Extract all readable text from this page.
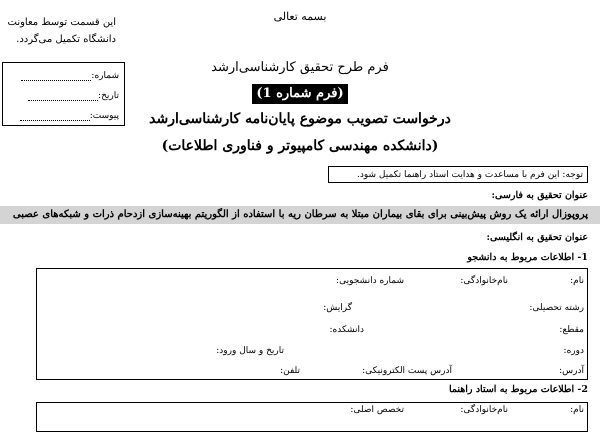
بسمه تعالی
فرم طرح تحقیق کارشناسی‌ارشد
(فرم شماره 1)
درخواست تصویب موضوع پایان‌نامه کارشناسی‌ارشد
(دانشکده مهندسی کامپیوتر و فناوری اطلاعات)
این قسمت توسط معاونت
دانشگاه تکمیل می‌گردد.
شماره:
تاریخ:
پیوست:
توجه: این فرم با مساعدت و هدایت استاد راهنما تکمیل شود.
عنوان تحقیق به فارسی:
پروپوزال ارائه یک روش پیش‌بینی برای بقای بیماران مبتلا به سرطان ریه با استفاده از الگوریتم بهینه‌سازی ازدحام ذرات و شبکه‌های عصبی
عنوان تحقیق به انگلیسی:
1- اطلاعات مربوط به دانشجو
نام:
نام‌خانوادگی:
شماره دانشجویی:
رشته تحصیلی:
گرایش:
مقطع:
دانشکده:
دوره:
تاریخ و سال ورود:
آدرس:
آدرس پست الکترونیکی:
تلفن:
2- اطلاعات مربوط به استاد راهنما
نام:
نام‌خانوادگی:
تخصص اصلی:
